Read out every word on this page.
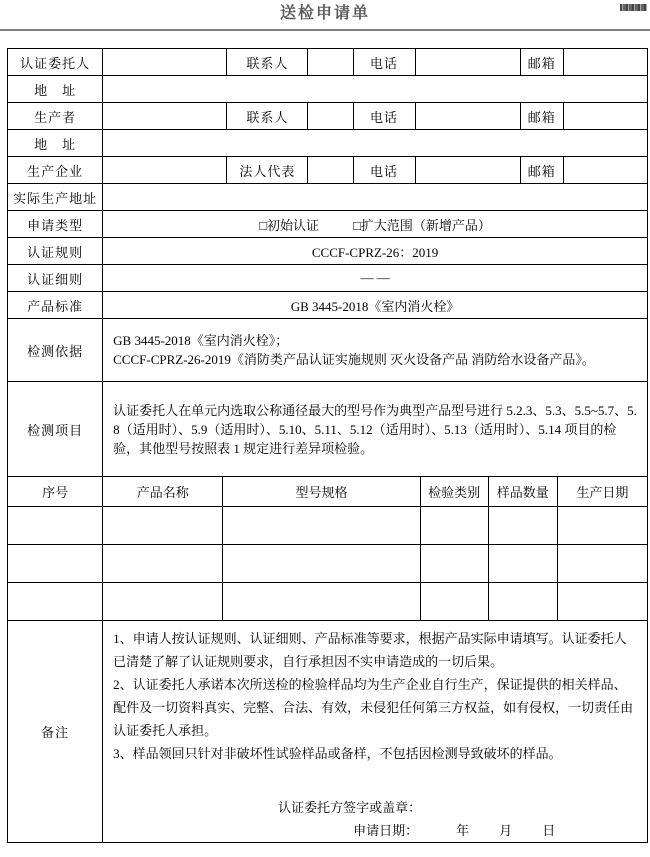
送检申请单
认证委托人		联系人		电话		邮箱	
地　址							
生产者		联系人		电话		邮箱	
地　址							
生产企业		法人代表		电话		邮箱	
实际生产地址							
申请类型	□初始认证 □扩大范围（新增产品）						
认证规则	CCCF-CPRZ-26：2019						
认证细则	— —						
产品标准	GB 3445-2018《室内消火栓》						
检测依据	GB 3445-2018《室内消火栓》；
CCCF-CPRZ-26-2019《消防类产品认证实施规则 灭火设备产品 消防给水设备产品》。						

检测项目	认证委托人在单元内选取公称通径最大的型号作为典型产品型号进行 5.2.3、5.3、5.5~5.7、5.8（适用时）、5.9（适用时）、5.10、5.11、5.12（适用时）、5.13（适用时）、5.14 项目的检验，其他型号按照表 1 规定进行差异项检验。						
序号	产品名称	型号规格	检验类别	样品数量	生产日期

备注	
1、申请人按认证规则、认证细则、产品标准等要求，根据产品实际申请填写。认证委托人已清楚了解了认证规则要求，自行承担因不实申请造成的一切后果。
2、认证委托人承诺本次所送检的检验样品均为生产企业自行生产，保证提供的相关样品、配件及一切资料真实、完整、合法、有效，未侵犯任何第三方权益，如有侵权，一切责任由认证委托人承担。
3、样品领回只针对非破坏性试验样品或备样，不包括因检测导致破坏的样品。
认证委托方签字或盖章：
申请日期：	年 月 日
